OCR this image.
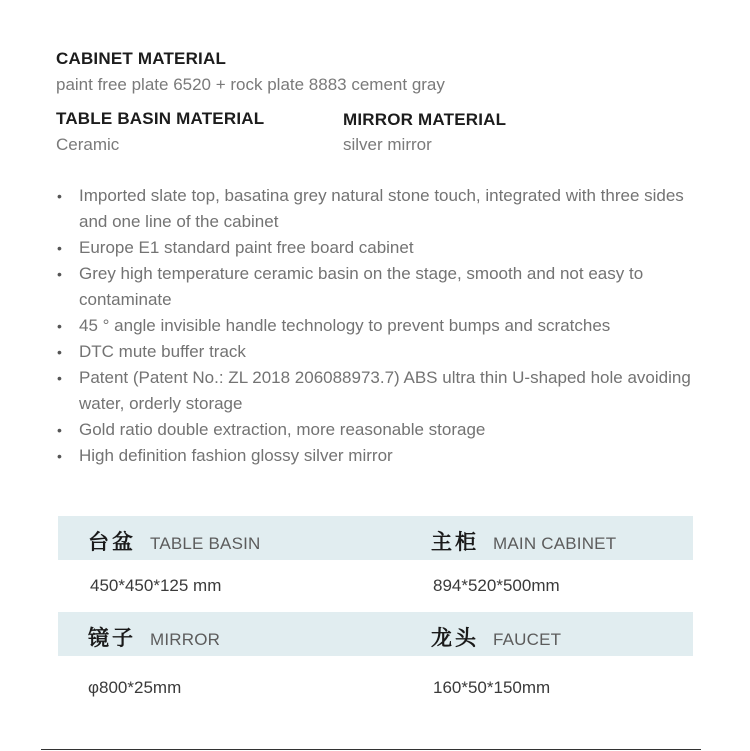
CABINET MATERIAL
paint free plate 6520 + rock plate 8883 cement gray
TABLE BASIN MATERIAL
Ceramic
MIRROR MATERIAL
silver mirror
• Imported slate top, basatina grey natural stone touch, integrated with three sides and one line of the cabinet
• Europe E1 standard paint free board cabinet
• Grey high temperature ceramic basin on the stage, smooth and not easy to contaminate
• 45 ° angle invisible handle technology to prevent bumps and scratches
• DTC mute buffer track
• Patent (Patent No.: ZL 2018 206088973.7) ABS ultra thin U-shaped hole avoiding water, orderly storage
• Gold ratio double extraction, more reasonable storage
• High definition fashion glossy silver mirror
台盆 TABLE BASIN	主柜 MAIN CABINET
450*450*125 mm	894*520*500mm
镜子 MIRROR	龙头 FAUCET
φ800*25mm	160*50*150mm
